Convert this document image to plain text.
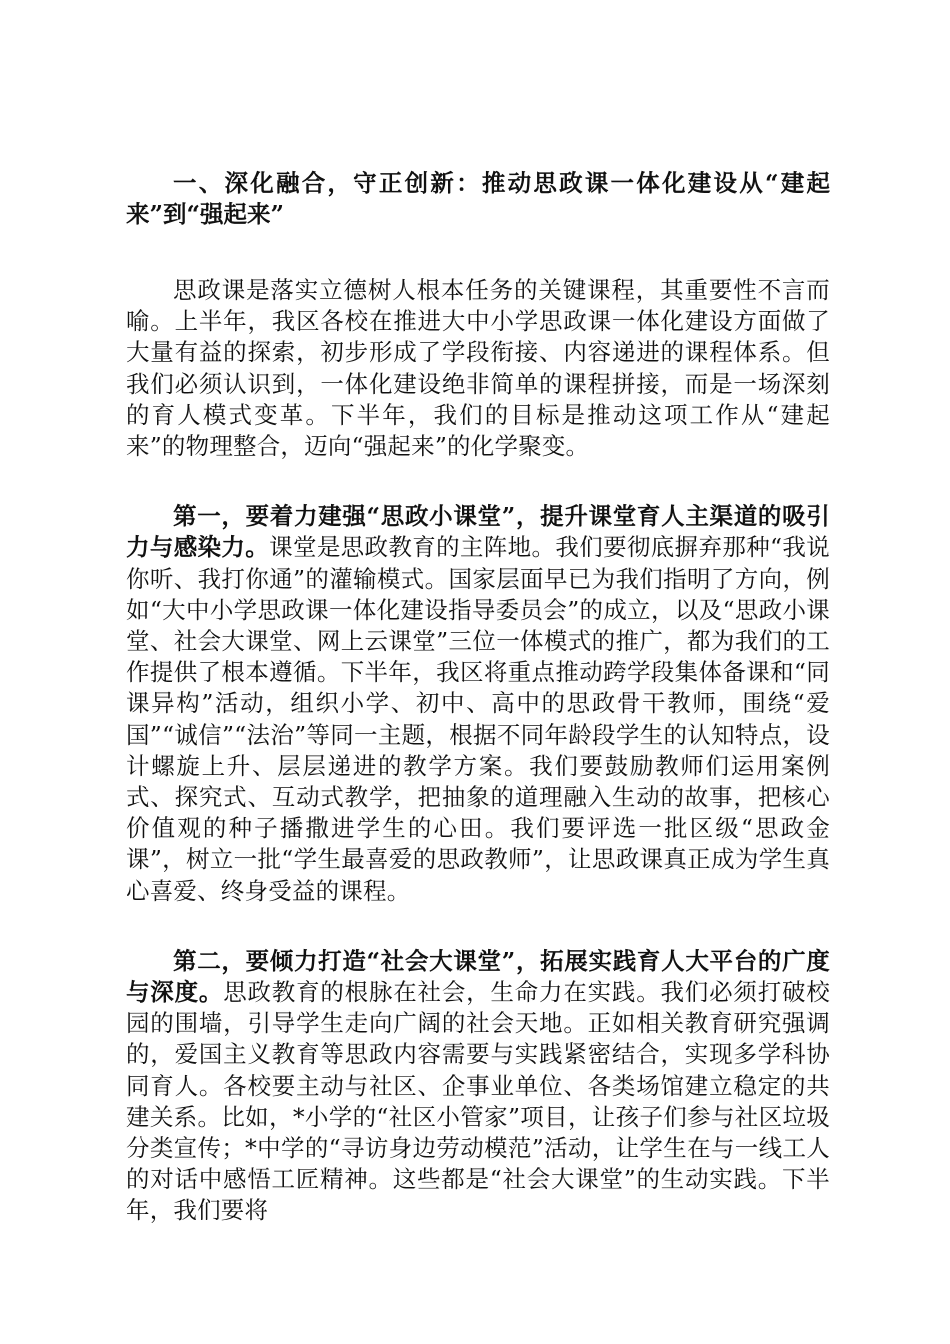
一、深化融合，守正创新：推动思政课一体化建设从“建起来”到“强起来”

思政课是落实立德树人根本任务的关键课程，其重要性不言而喻。上半年，我区各校在推进大中小学思政课一体化建设方面做了大量有益的探索，初步形成了学段衔接、内容递进的课程体系。但我们必须认识到，一体化建设绝非简单的课程拼接，而是一场深刻的育人模式变革。下半年，我们的目标是推动这项工作从“建起来”的物理整合，迈向“强起来”的化学聚变。

第一，要着力建强“思政小课堂”，提升课堂育人主渠道的吸引力与感染力。课堂是思政教育的主阵地。我们要彻底摒弃那种“我说你听、我打你通”的灌输模式。国家层面早已为我们指明了方向，例如“大中小学思政课一体化建设指导委员会”的成立，以及“思政小课堂、社会大课堂、网上云课堂”三位一体模式的推广，都为我们的工作提供了根本遵循。下半年，我区将重点推动跨学段集体备课和“同课异构”活动，组织小学、初中、高中的思政骨干教师，围绕“爱国”“诚信”“法治”等同一主题，根据不同年龄段学生的认知特点，设计螺旋上升、层层递进的教学方案。我们要鼓励教师们运用案例式、探究式、互动式教学，把抽象的道理融入生动的故事，把核心价值观的种子播撒进学生的心田。我们要评选一批区级“思政金课”，树立一批“学生最喜爱的思政教师”，让思政课真正成为学生真心喜爱、终身受益的课程。

第二，要倾力打造“社会大课堂”，拓展实践育人大平台的广度与深度。思政教育的根脉在社会，生命力在实践。我们必须打破校园的围墙，引导学生走向广阔的社会天地。正如相关教育研究强调的，爱国主义教育等思政内容需要与实践紧密结合，实现多学科协同育人。各校要主动与社区、企事业单位、各类场馆建立稳定的共建关系。比如，*小学的“社区小管家”项目，让孩子们参与社区垃圾分类宣传；*中学的“寻访身边劳动模范”活动，让学生在与一线工人的对话中感悟工匠精神。这些都是“社会大课堂”的生动实践。下半年，我们要将
